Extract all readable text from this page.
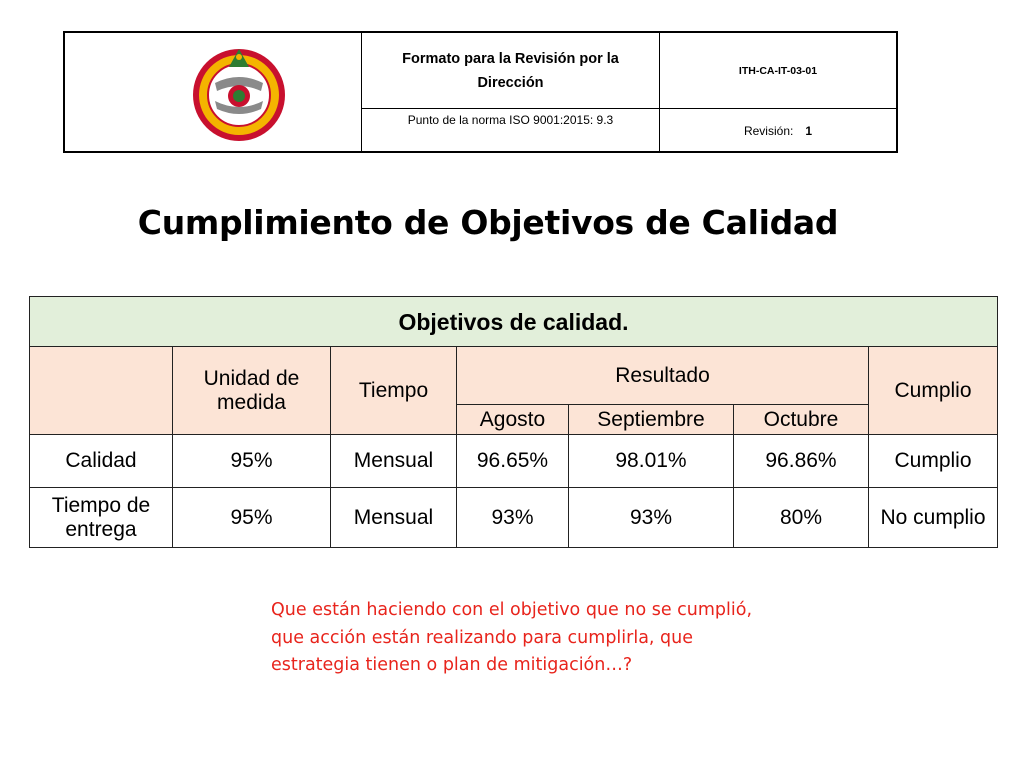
Formato para la Revisión por la Dirección
Punto de la norma ISO 9001:2015: 9.3
ITH-CA-IT-03-01
Revisión: 1
Cumplimiento de Objetivos de Calidad
Objetivos de calidad.						
	Unidad de medida	Tiempo	Resultado			Cumplio
			Agosto	Septiembre	Octubre	
Calidad	95%	Mensual	96.65%	98.01%	96.86%	Cumplio
Tiempo de entrega	95%	Mensual	93%	93%	80%	No cumplio
Que están haciendo con el objetivo que no se cumplió, que acción están realizando para cumplirla, que estrategia tienen o plan de mitigación…?
